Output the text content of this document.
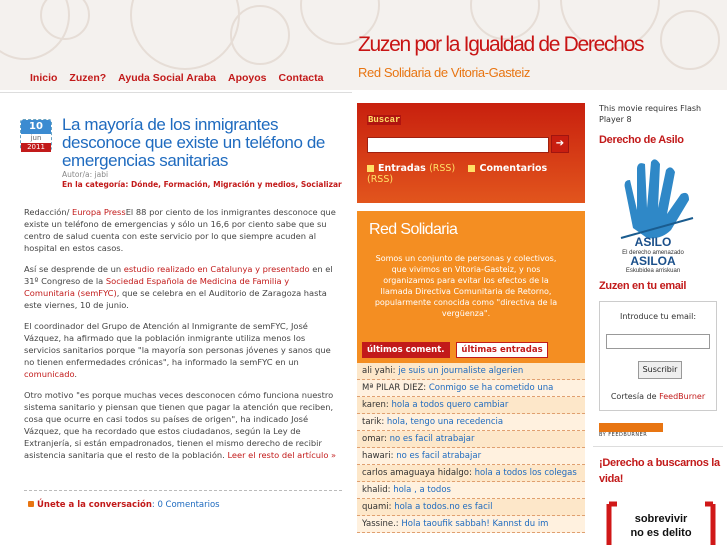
Zuzen por la Igualdad de Derechos
Red Solidaria de Vitoria-Gasteiz
Inicio Zuzen? Ayuda Social Araba Apoyos Contacta
10
jun
2011
La mayoría de los inmigrantes desconoce que existe un teléfono de emergencias sanitarias
Autor/a: jabi
En la categoría: Dónde, Formación, Migración y medios, Socializar

Redacción/ Europa PressEl 88 por ciento de los inmigrantes desconoce que existe un teléfono de emergencias y sólo un 16,6 por ciento sabe que su centro de salud cuenta con este servicio por lo que siempre acuden al hospital en estos casos.

Así se desprende de un estudio realizado en Catalunya y presentado en el 31º Congreso de la Sociedad Española de Medicina de Familia y Comunitaria (semFYC), que se celebra en el Auditorio de Zaragoza hasta este viernes, 10 de junio.

El coordinador del Grupo de Atención al Inmigrante de semFYC, José Vázquez, ha afirmado que la población inmigrante utiliza menos los servicios sanitarios porque "la mayoría son personas jóvenes y sanos que no tienen enfermedades crónicas", ha informado la semFYC en un comunicado.

Otro motivo "es porque muchas veces desconocen cómo funciona nuestro sistema sanitario y piensan que tienen que pagar la atención que reciben, cosa que ocurre en casi todos su países de origen", ha indicado José Vázquez, que ha recordado que estos ciudadanos, según la Ley de Extranjería, si están empadronados, tienen el mismo derecho de recibir asistencia sanitaria que el resto de la población. Leer el resto del artículo »

Únete a la conversación: 0 Comentarios
Buscar
➔
Entradas (RSS)	Comentarios (RSS)
Red Solidaria
Somos un conjunto de personas y colectivos, que vivimos en Vitoria-Gasteiz, y nos organizamos para evitar los efectos de la llamada Directiva Comunitaria de Retorno, popularmente conocida como "directiva de la vergüenza".
últimos coment. últimas entradas
ali yahi: je suis un journaliste algerien
Mª PILAR DIEZ: Conmigo se ha cometido una
karen: hola a todos quero cambiar
tarik: hola, tengo una recedencia
omar: no es facil atrabajar
hawari: no es facil atrabajar
carlos amaguaya hidalgo: hola a todos los colegas
khalid: hola , a todos
quami: hola a todos.no es facil
Yassine.: Hola taoufik sabbah! Kannst du im
This movie requires Flash Player 8
Derecho de Asilo
ASILO
El derecho amenazado
ASILOA
Eskubidea arriskuan
Zuzen en tu email
Introduce tu email:
Suscribir
Cortesía de FeedBurner
BY FEEDBURNER
¡Derecho a buscarnos la vida!
sobrevivir
no es delito
